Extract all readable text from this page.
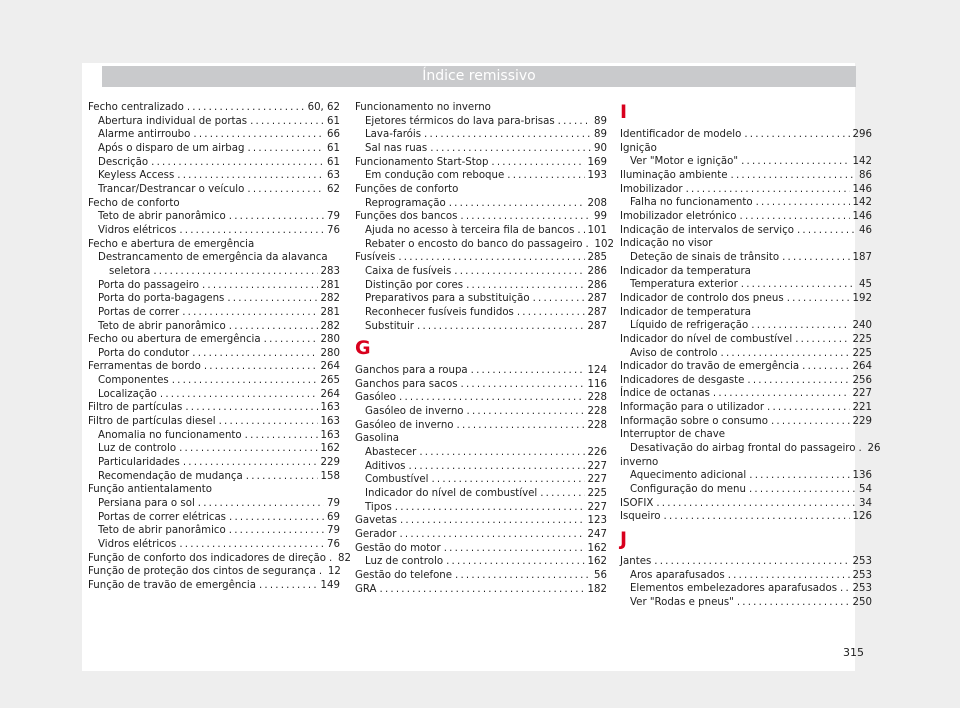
Índice remissivo
Fecho centralizado .....	60, 62
Abertura individual de portas .....	61
Alarme antirroubo .....	66
Após o disparo de um airbag .....	61
Descrição .....	61
Keyless Access .....	63
Trancar/Destrancar o veículo .....	62
Fecho de conforto
Teto de abrir panorâmico .....	79
Vidros elétricos .....	76
Fecho e abertura de emergência
Destrancamento de emergência da alavanca
seletora .....	283
Porta do passageiro .....	281
Porta do porta-bagagens .....	282
Portas de correr .....	281
Teto de abrir panorâmico .....	282
Fecho ou abertura de emergência .....	280
Porta do condutor .....	280
Ferramentas de bordo .....	264
Componentes .....	265
Localização .....	264
Filtro de partículas .....	163
Filtro de partículas diesel .....	163
Anomalia no funcionamento .....	163
Luz de controlo .....	162
Particularidades .....	229
Recomendação de mudança .....	158
Função antientalamento
Persiana para o sol .....	79
Portas de correr elétricas .....	69
Teto de abrir panorâmico .....	79
Vidros elétricos .....	76
Função de conforto dos indicadores de direção ..... 82
Função de proteção dos cintos de segurança ..... 12
Função de travão de emergência .....	149
Funcionamento no inverno
Ejetores térmicos do lava para-brisas .....	89
Lava-faróis .....	89
Sal nas ruas .....	90
Funcionamento Start-Stop .....	169
Em condução com reboque .....	193
Funções de conforto
Reprogramação .....	208
Funções dos bancos .....	99
Ajuda no acesso à terceira fila de bancos ..... 101
Rebater o encosto do banco do passageiro ..... 102
Fusíveis .....	285
Caixa de fusíveis .....	286
Distinção por cores .....	286
Preparativos para a substituição .....	287
Reconhecer fusíveis fundidos .....	287
Substituir .....	287
G
Ganchos para a roupa .....	124
Ganchos para sacos .....	116
Gasóleo .....	228
Gasóleo de inverno .....	228
Gasóleo de inverno .....	228
Gasolina
Abastecer .....	226
Aditivos .....	227
Combustível .....	227
Indicador do nível de combustível .....	225
Tipos .....	227
Gavetas .....	123
Gerador .....	247
Gestão do motor .....	162
Luz de controlo .....	162
Gestão do telefone .....	56
GRA .....	182
I
Identificador de modelo .....	296
Ignição
Ver "Motor e ignição" .....	142
Iluminação ambiente .....	86
Imobilizador .....	146
Falha no funcionamento .....	142
Imobilizador eletrónico .....	146
Indicação de intervalos de serviço .....	46
Indicação no visor
Deteção de sinais de trânsito .....	187
Indicador da temperatura
Temperatura exterior .....	45
Indicador de controlo dos pneus .....	192
Indicador de temperatura
Líquido de refrigeração .....	240
Indicador do nível de combustível .....	225
Aviso de controlo .....	225
Indicador do travão de emergência .....	264
Indicadores de desgaste .....	256
Índice de octanas .....	227
Informação para o utilizador .....	221
Informação sobre o consumo .....	229
Interruptor de chave
Desativação do airbag frontal do passageiro ..... 26
inverno
Aquecimento adicional .....	136
Configuração do menu .....	54
ISOFIX .....	34
Isqueiro .....	126
J
Jantes .....	253
Aros aparafusados .....	253
Elementos embelezadores aparafusados ..... 253
Ver "Rodas e pneus" .....	250
315
